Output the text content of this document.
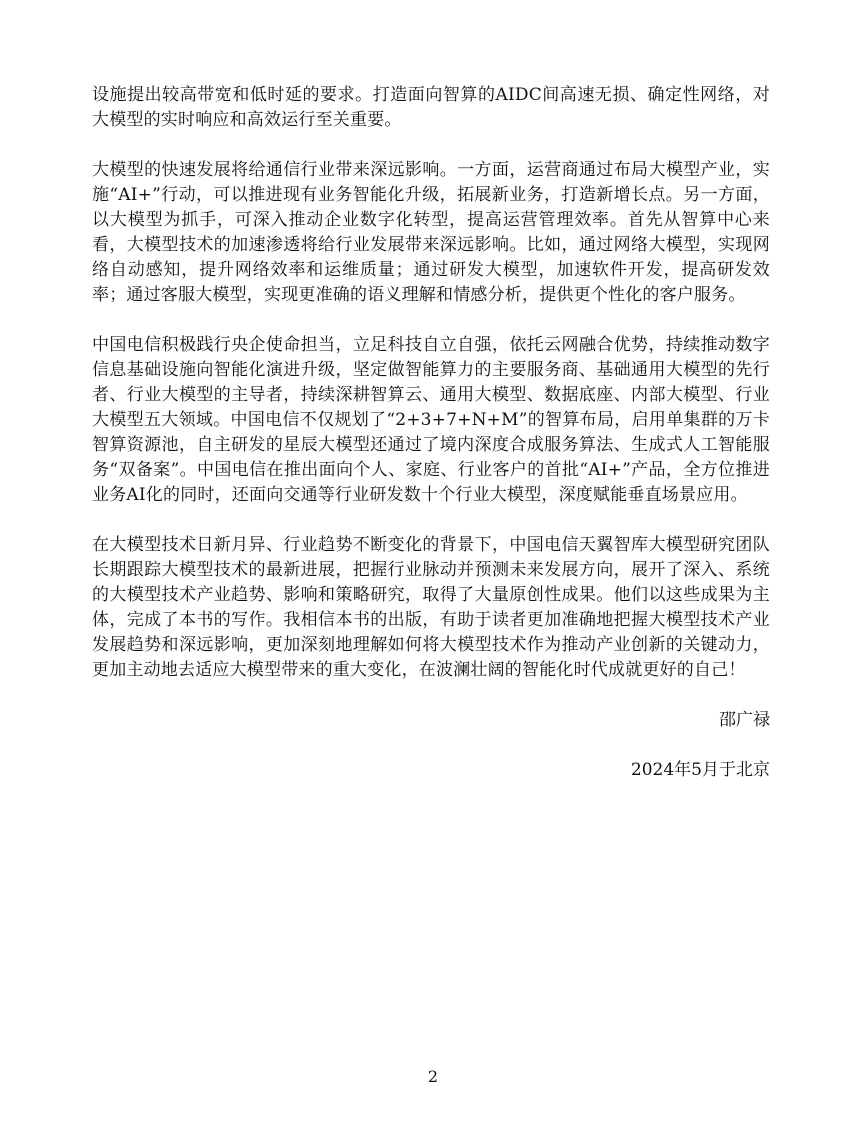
设施提出较高带宽和低时延的要求。打造面向智算的AIDC间高速无损、确定性网络，对大模型的实时响应和高效运行至关重要。

大模型的快速发展将给通信行业带来深远影响。一方面，运营商通过布局大模型产业，实施“AI+”行动，可以推进现有业务智能化升级，拓展新业务，打造新增长点。另一方面，以大模型为抓手，可深入推动企业数字化转型，提高运营管理效率。首先从智算中心来看，大模型技术的加速渗透将给行业发展带来深远影响。比如，通过网络大模型，实现网络自动感知，提升网络效率和运维质量；通过研发大模型，加速软件开发，提高研发效率；通过客服大模型，实现更准确的语义理解和情感分析，提供更个性化的客户服务。

中国电信积极践行央企使命担当，立足科技自立自强，依托云网融合优势，持续推动数字信息基础设施向智能化演进升级，坚定做智能算力的主要服务商、基础通用大模型的先行者、行业大模型的主导者，持续深耕智算云、通用大模型、数据底座、内部大模型、行业大模型五大领域。中国电信不仅规划了“2+3+7+N+M”的智算布局，启用单集群的万卡智算资源池，自主研发的星辰大模型还通过了境内深度合成服务算法、生成式人工智能服务“双备案”。中国电信在推出面向个人、家庭、行业客户的首批“AI+”产品，全方位推进业务AI化的同时，还面向交通等行业研发数十个行业大模型，深度赋能垂直场景应用。

在大模型技术日新月异、行业趋势不断变化的背景下，中国电信天翼智库大模型研究团队长期跟踪大模型技术的最新进展，把握行业脉动并预测未来发展方向，展开了深入、系统的大模型技术产业趋势、影响和策略研究，取得了大量原创性成果。他们以这些成果为主体，完成了本书的写作。我相信本书的出版，有助于读者更加准确地把握大模型技术产业发展趋势和深远影响，更加深刻地理解如何将大模型技术作为推动产业创新的关键动力，更加主动地去适应大模型带来的重大变化，在波澜壮阔的智能化时代成就更好的自己！

邵广禄

2024年5月于北京

2
